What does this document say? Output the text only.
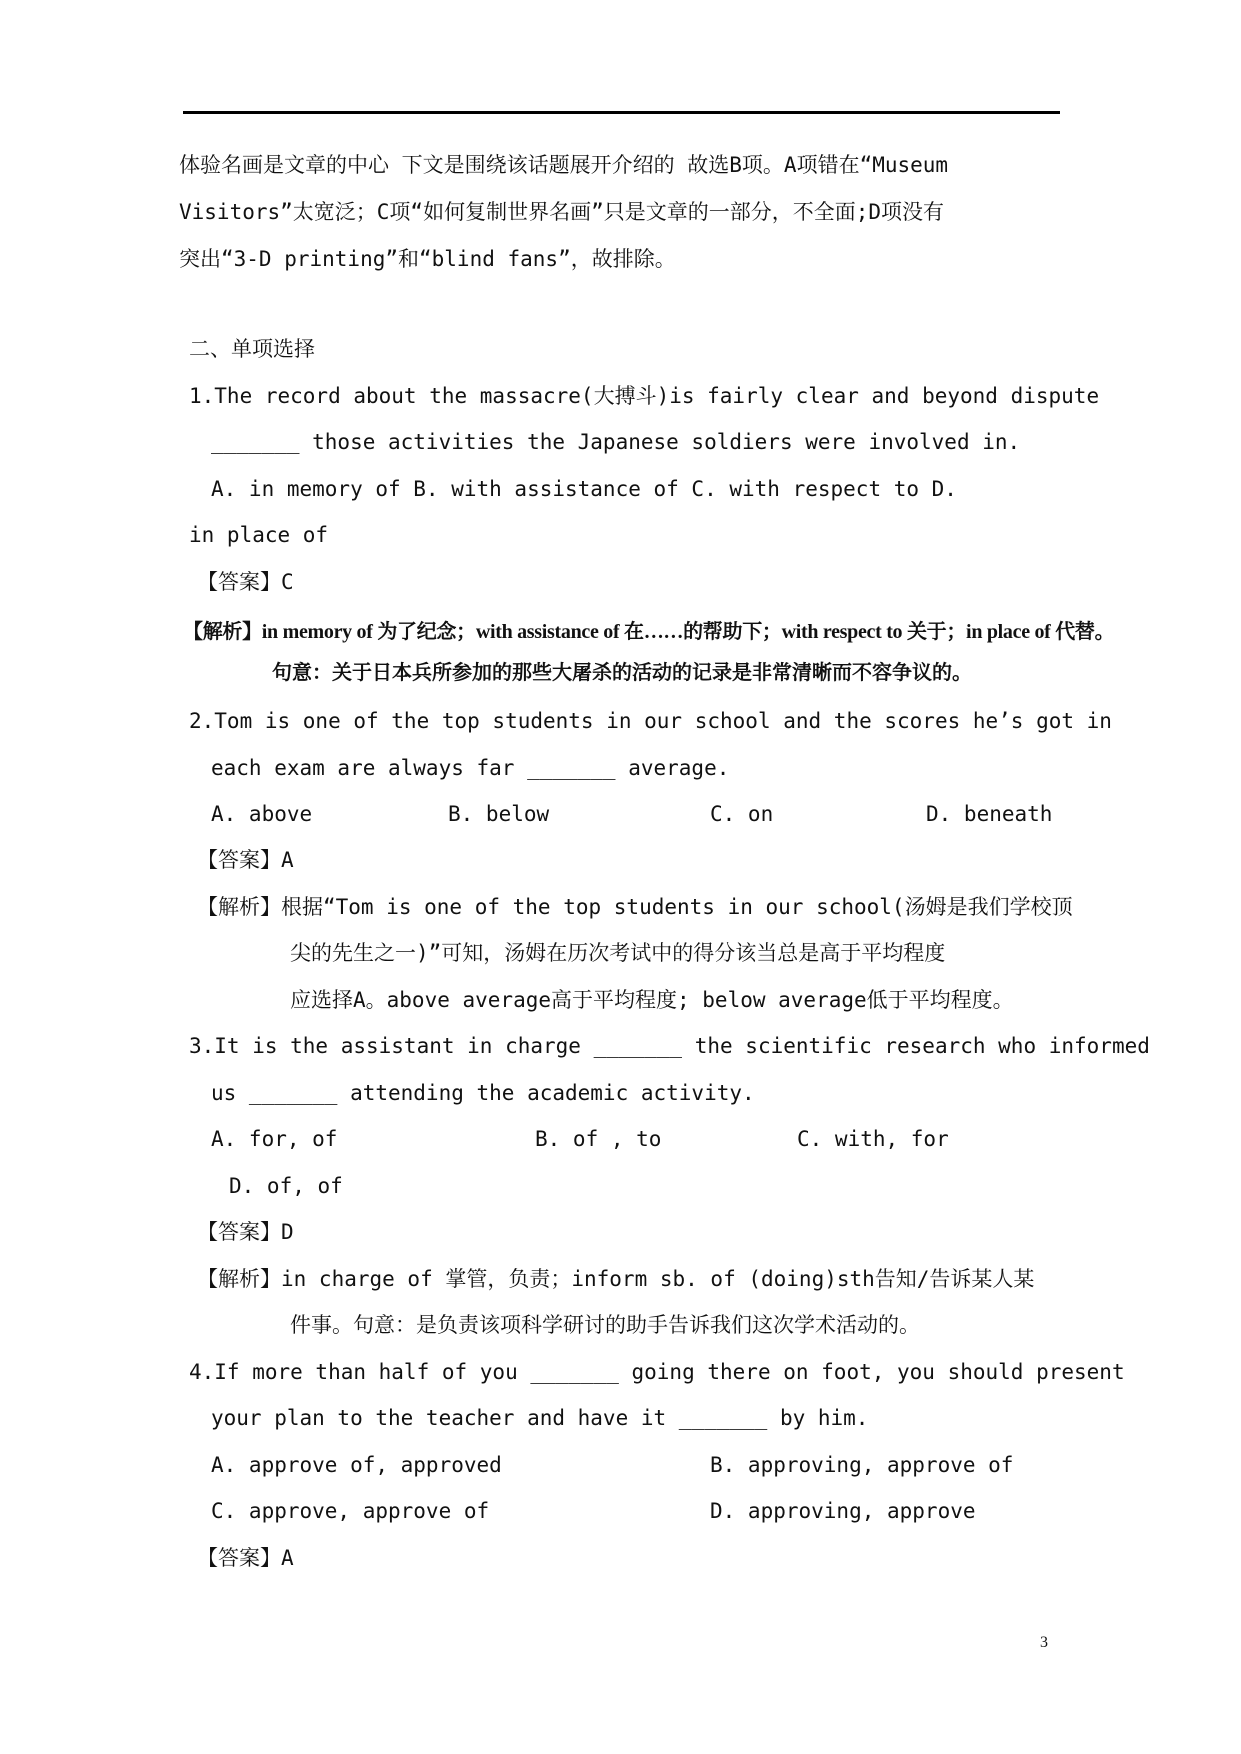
体验名画是文章的中心 下文是围绕该话题展开介绍的 故选B项。A项错在“Museum
Visitors”太宽泛；C项“如何复制世界名画”只是文章的一部分，不全面;D项没有
突出“3-D printing”和“blind fans”，故排除。
二、单项选择
1.The record about the massacre(大搏斗)is fairly clear and beyond dispute
_______ those activities the Japanese soldiers were involved in.
A. in memory of B. with assistance of C. with respect to D.
in place of
【答案】C
【解析】in memory of 为了纪念；with assistance of 在……的帮助下；with respect to 关于；in place of 代替。
句意：关于日本兵所参加的那些大屠杀的活动的记录是非常清晰而不容争议的。
2.Tom is one of the top students in our school and the scores he’s got in
each exam are always far _______ average.
A. above	B. below	C. on	D. beneath
【答案】A
【解析】根据“Tom is one of the top students in our school(汤姆是我们学校顶
尖的先生之一)”可知，汤姆在历次考试中的得分该当总是高于平均程度
应选择A。above average高于平均程度; below average低于平均程度。
3.It is the assistant in charge _______ the scientific research who informed
us _______ attending the academic activity.
A. for, of	B. of , to	C. with, for
D. of, of
【答案】D
【解析】in charge of 掌管，负责；inform sb. of (doing)sth告知/告诉某人某
件事。句意：是负责该项科学研讨的助手告诉我们这次学术活动的。
4.If more than half of you _______ going there on foot, you should present
your plan to the teacher and have it _______ by him.
A. approve of, approved	B. approving, approve of
C. approve, approve of	D. approving, approve
【答案】A
3
